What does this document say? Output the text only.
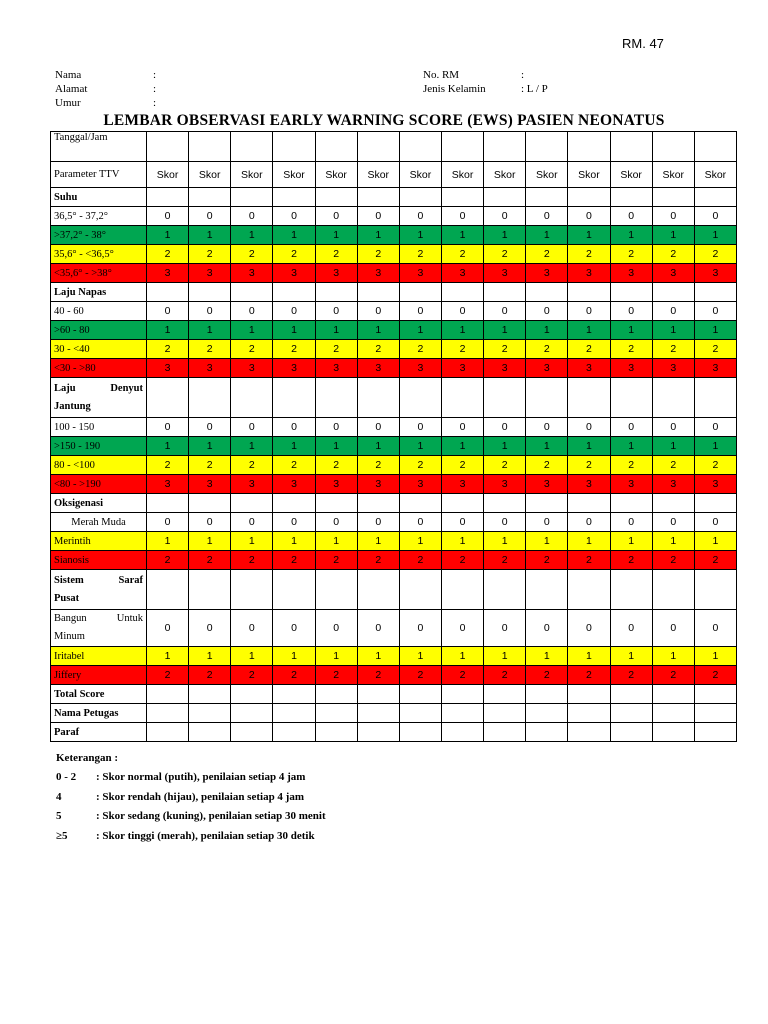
RM. 47
Nama	:
Alamat	:
Umur	:
No. RM	:
Jenis Kelamin	: L / P
LEMBAR OBSERVASI EARLY WARNING SCORE (EWS) PASIEN NEONATUS
Tanggal/Jam														
Parameter TTV	Skor	Skor	Skor	Skor	Skor	Skor	Skor	Skor	Skor	Skor	Skor	Skor	Skor	Skor
Suhu														
36,5° - 37,2°	0	0	0	0	0	0	0	0	0	0	0	0	0	0
>37,2° - 38°	1	1	1	1	1	1	1	1	1	1	1	1	1	1
35,6° - <36,5°	2	2	2	2	2	2	2	2	2	2	2	2	2	2
<35,6° - >38°	3	3	3	3	3	3	3	3	3	3	3	3	3	3
Laju Napas														
40 - 60	0	0	0	0	0	0	0	0	0	0	0	0	0	0
>60 - 80	1	1	1	1	1	1	1	1	1	1	1	1	1	1
30 - <40	2	2	2	2	2	2	2	2	2	2	2	2	2	2
<30 - >80	3	3	3	3	3	3	3	3	3	3	3	3	3	3

Laju Denyut
Jantung														

100 - 150	0	0	0	0	0	0	0	0	0	0	0	0	0	0
>150 - 190	1	1	1	1	1	1	1	1	1	1	1	1	1	1
80 - <100	2	2	2	2	2	2	2	2	2	2	2	2	2	2
<80 - >190	3	3	3	3	3	3	3	3	3	3	3	3	3	3
Oksigenasi														
Merah Muda	0	0	0	0	0	0	0	0	0	0	0	0	0	0
Merintih	1	1	1	1	1	1	1	1	1	1	1	1	1	1
Sianosis	2	2	2	2	2	2	2	2	2	2	2	2	2	2

Sistem Saraf
Pusat														

Bangun Untuk
Minum	0	0	0	0	0	0	0	0	0	0	0	0	0	0
Iritabel	1	1	1	1	1	1	1	1	1	1	1	1	1	1
Jiffery	2	2	2	2	2	2	2	2	2	2	2	2	2	2
Total Score														
Nama Petugas														
Paraf														
Keterangan :
0 - 2 : Skor normal (putih), penilaian setiap 4 jam
4	: Skor rendah (hijau), penilaian setiap 4 jam
5	: Skor sedang (kuning), penilaian setiap 30 menit
≥5	: Skor tinggi (merah), penilaian setiap 30 detik
